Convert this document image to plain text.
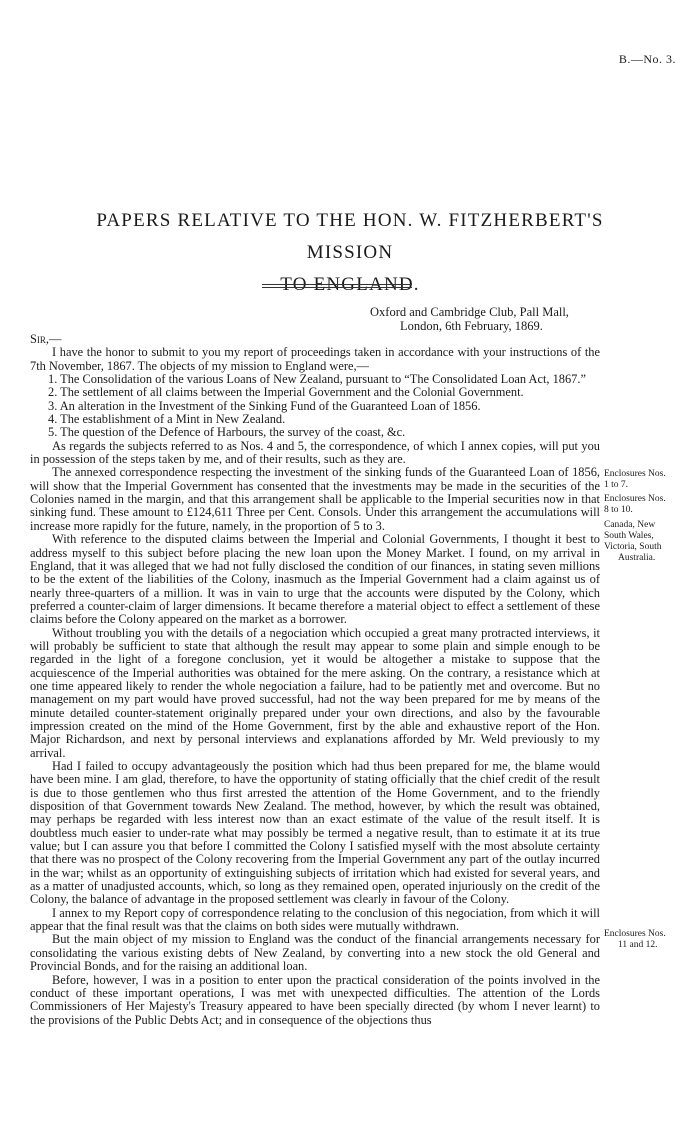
B.—No. 3.
PAPERS RELATIVE TO THE HON. W. FITZHERBERT'S MISSION
TO ENGLAND.
Oxford and Cambridge Club, Pall Mall,
London, 6th February, 1869.

Sir,—

I have the honor to submit to you my report of proceedings taken in accordance with your instructions of the 7th November, 1867. The objects of my mission to England were,—

1. The Consolidation of the various Loans of New Zealand, pursuant to “The Consolidated Loan Act, 1867.”

2. The settlement of all claims between the Imperial Government and the Colonial Government.

3. An alteration in the Investment of the Sinking Fund of the Guaranteed Loan of 1856.

4. The establishment of a Mint in New Zealand.

5. The question of the Defence of Harbours, the survey of the coast, &c.

As regards the subjects referred to as Nos. 4 and 5, the correspondence, of which I annex copies, will put you in possession of the steps taken by me, and of their results, such as they are.

The annexed correspondence respecting the investment of the sinking funds of the Guaranteed Loan of 1856, will show that the Imperial Government has consented that the investments may be made in the securities of the Colonies named in the margin, and that this arrangement shall be applicable to the Imperial securities now in that sinking fund. These amount to £124,611 Three per Cent. Consols. Under this arrangement the accumulations will increase more rapidly for the future, namely, in the proportion of 5 to 3.

With reference to the disputed claims between the Imperial and Colonial Governments, I thought it best to address myself to this subject before placing the new loan upon the Money Market. I found, on my arrival in England, that it was alleged that we had not fully disclosed the condition of our finances, in stating seven millions to be the extent of the liabilities of the Colony, inasmuch as the Imperial Government had a claim against us of nearly three-quarters of a million. It was in vain to urge that the accounts were disputed by the Colony, which preferred a counter-claim of larger dimensions. It became therefore a material object to effect a settlement of these claims before the Colony appeared on the market as a borrower.

Without troubling you with the details of a negociation which occupied a great many protracted interviews, it will probably be sufficient to state that although the result may appear to some plain and simple enough to be regarded in the light of a foregone conclusion, yet it would be altogether a mistake to suppose that the acquiescence of the Imperial authorities was obtained for the mere asking. On the contrary, a resistance which at one time appeared likely to render the whole negociation a failure, had to be patiently met and overcome. But no management on my part would have proved successful, had not the way been prepared for me by means of the minute detailed counter-statement originally prepared under your own directions, and also by the favourable impression created on the mind of the Home Government, first by the able and exhaustive report of the Hon. Major Richardson, and next by personal interviews and explanations afforded by Mr. Weld previously to my arrival.

Had I failed to occupy advantageously the position which had thus been prepared for me, the blame would have been mine. I am glad, therefore, to have the opportunity of stating officially that the chief credit of the result is due to those gentlemen who thus first arrested the attention of the Home Government, and to the friendly disposition of that Government towards New Zealand. The method, however, by which the result was obtained, may perhaps be regarded with less interest now than an exact estimate of the value of the result itself. It is doubtless much easier to under-rate what may possibly be termed a negative result, than to estimate it at its true value; but I can assure you that before I committed the Colony I satisfied myself with the most absolute certainty that there was no prospect of the Colony recovering from the Imperial Government any part of the outlay incurred in the war; whilst as an opportunity of extinguishing subjects of irritation which had existed for several years, and as a matter of unadjusted accounts, which, so long as they remained open, operated injuriously on the credit of the Colony, the balance of advantage in the proposed settlement was clearly in favour of the Colony.

I annex to my Report copy of correspondence relating to the conclusion of this negociation, from which it will appear that the final result was that the claims on both sides were mutually withdrawn.

But the main object of my mission to England was the conduct of the financial arrangements necessary for consolidating the various existing debts of New Zealand, by converting into a new stock the old General and Provincial Bonds, and for the raising an additional loan.

Before, however, I was in a position to enter upon the practical consideration of the points involved in the conduct of these important operations, I was met with unexpected difficulties. The attention of the Lords Commissioners of Her Majesty's Treasury appeared to have been specially directed (by whom I never learnt) to the provisions of the Public Debts Act; and in consequence of the objections thus

Enclosures Nos.
1 to 7.
Enclosures Nos.
8 to 10.
Canada, New
South Wales,
Victoria, South
Australia.
Enclosures Nos.
11 and 12.
